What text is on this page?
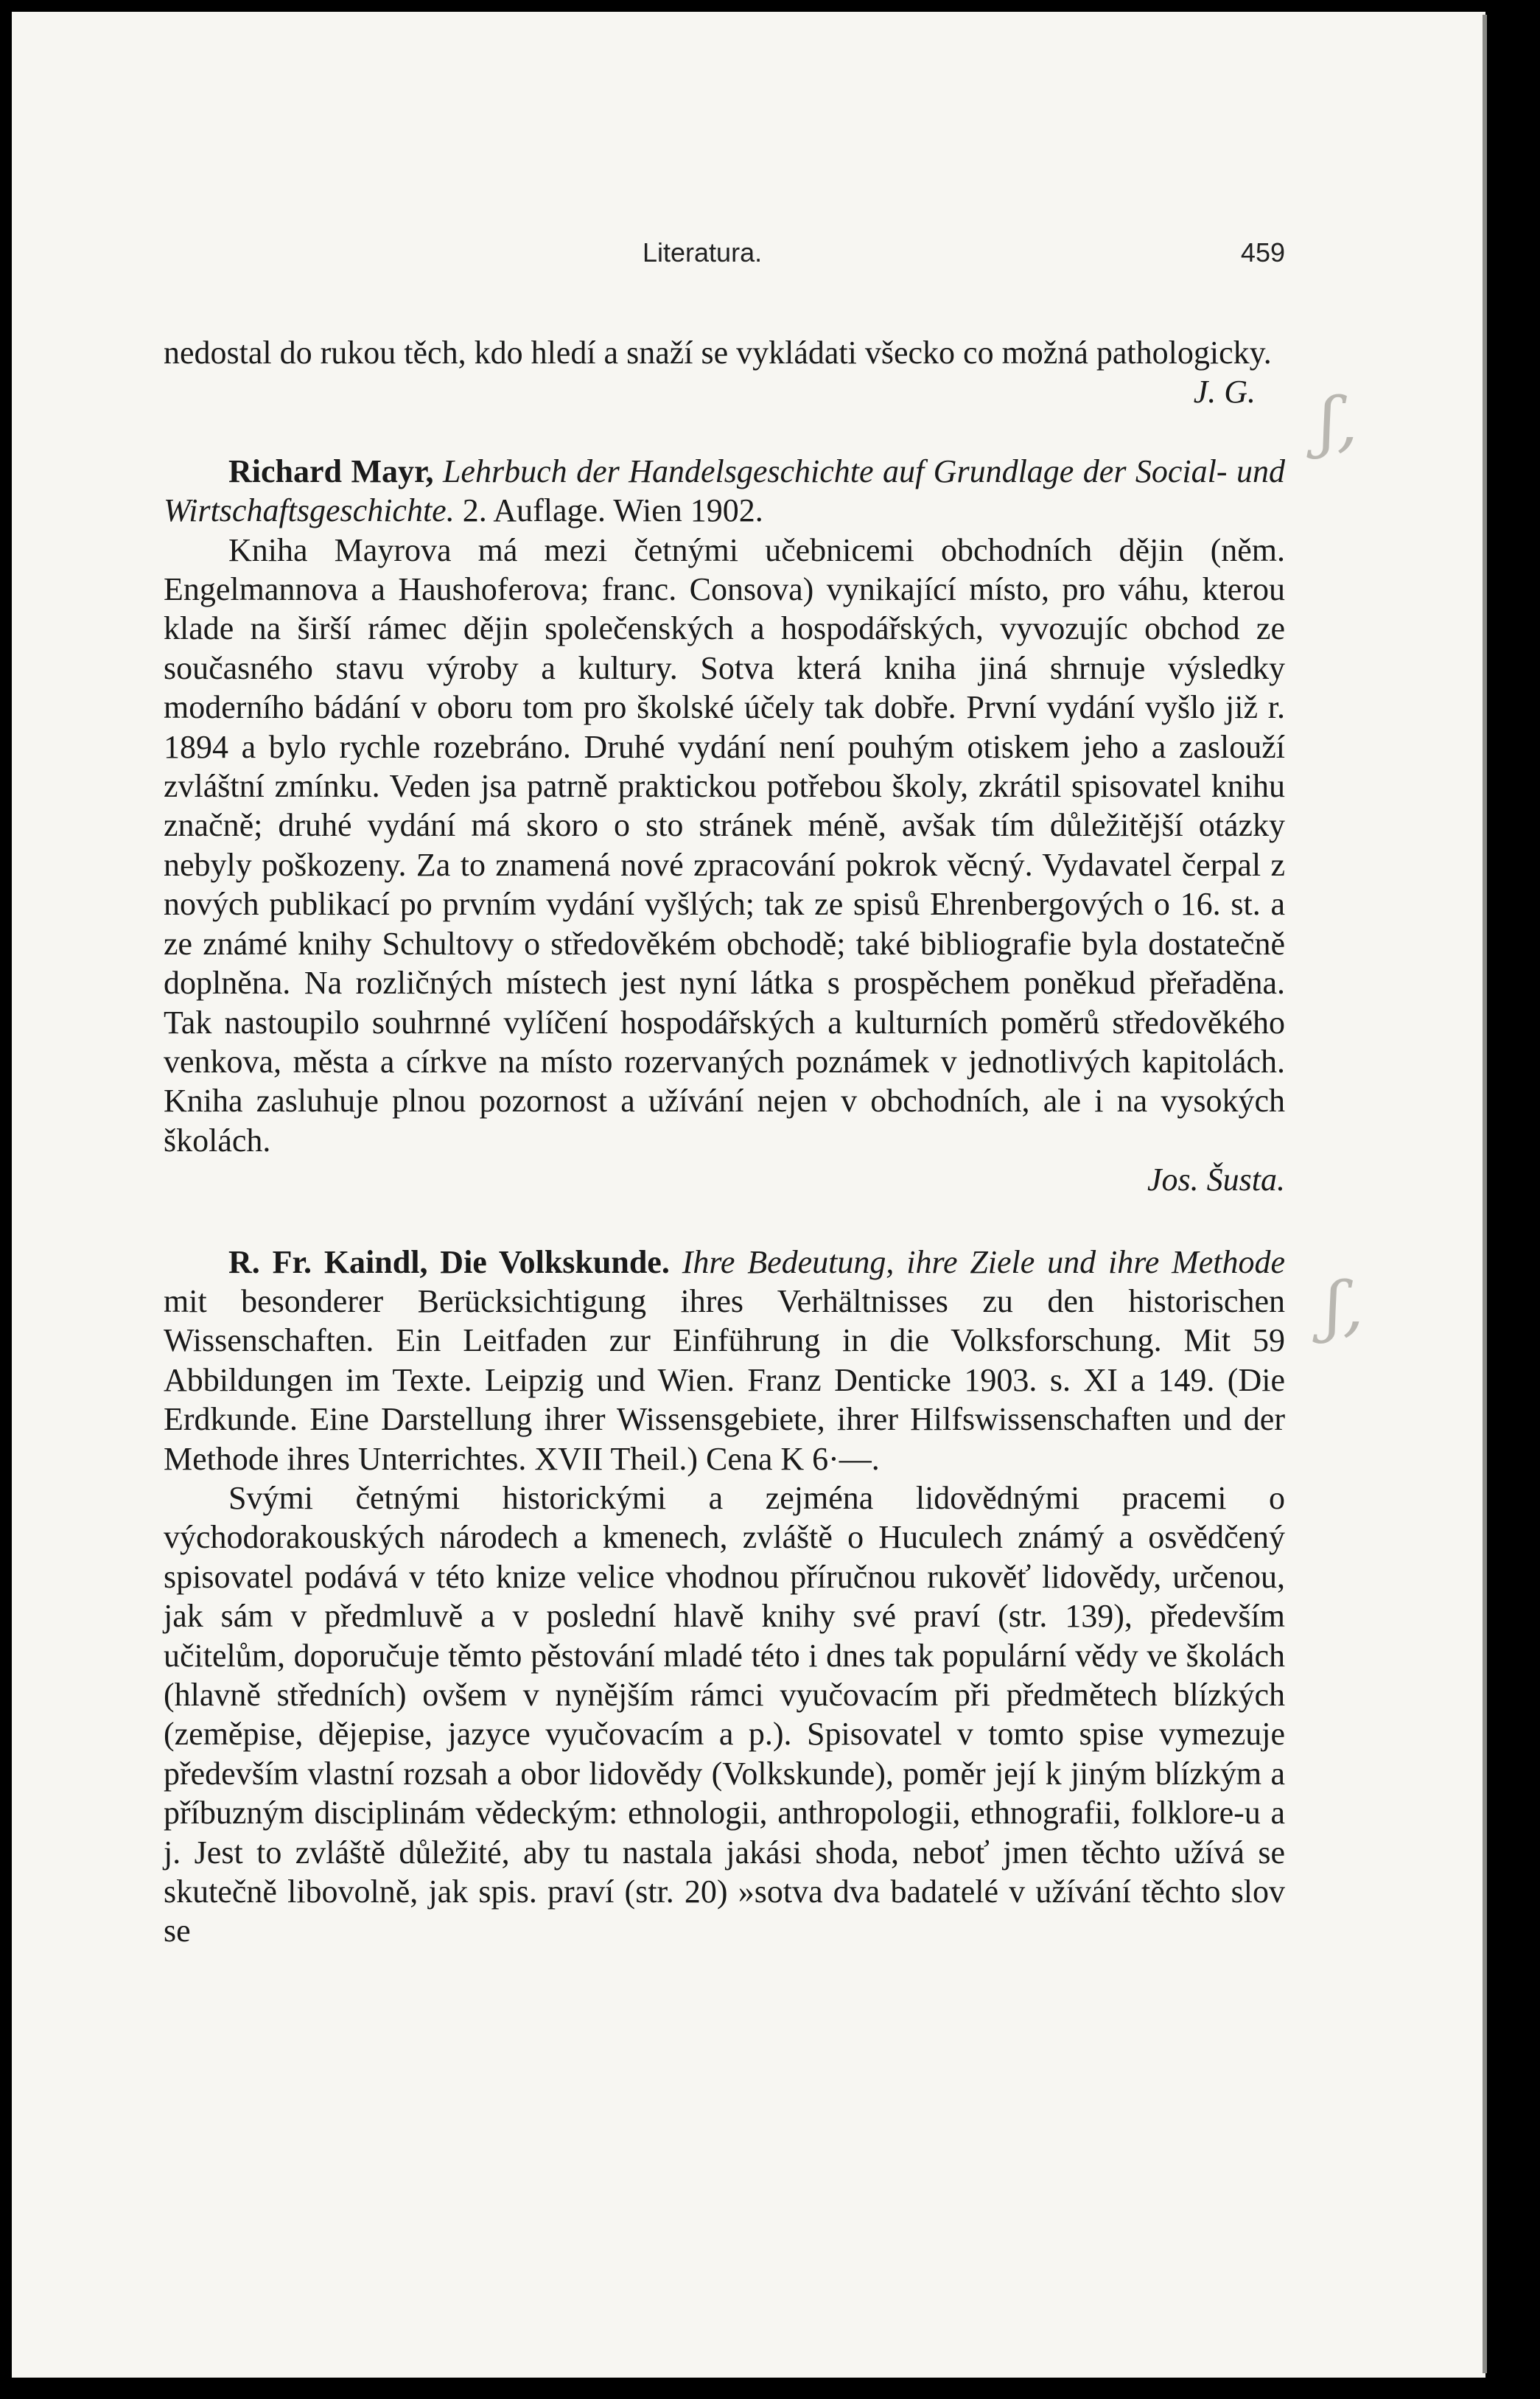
ʃ,
ʃ,
Literatura.	459

nedostal do rukou těch, kdo hledí a snaží se vykládati všecko co možná pathologicky.

J. G.

Richard Mayr, Lehrbuch der Handelsgeschichte auf Grundlage der Social- und Wirtschaftsgeschichte. 2. Auflage. Wien 1902.

Kniha Mayrova má mezi četnými učebnicemi obchodních dějin (něm. Engelmannova a Haushoferova; franc. Consova) vynikající místo, pro váhu, kterou klade na širší rámec dějin společenských a hospodářských, vyvozujíc obchod ze současného stavu výroby a kultury. Sotva která kniha jiná shrnuje výsledky moderního bádání v oboru tom pro školské účely tak dobře. První vydání vyšlo již r. 1894 a bylo rychle rozebráno. Druhé vydání není pouhým otiskem jeho a zaslouží zvláštní zmínku. Veden jsa patrně praktickou potřebou školy, zkrátil spisovatel knihu značně; druhé vydání má skoro o sto stránek méně, avšak tím důležitější otázky nebyly poškozeny. Za to znamená nové zpracování pokrok věcný. Vydavatel čerpal z nových publikací po prvním vydání vyšlých; tak ze spisů Ehrenbergových o 16. st. a ze známé knihy Schultovy o středověkém obchodě; také bibliografie byla dostatečně doplněna. Na rozličných místech jest nyní látka s prospěchem poněkud přeřaděna. Tak nastoupilo souhrnné vylíčení hospodářských a kulturních poměrů středověkého venkova, města a církve na místo rozervaných poznámek v jednotlivých kapitolách. Kniha zasluhuje plnou pozornost a užívání nejen v obchodních, ale i na vysokých školách.

Jos. Šusta.

R. Fr. Kaindl, Die Volkskunde. Ihre Bedeutung, ihre Ziele und ihre Methode mit besonderer Berücksichtigung ihres Verhältnisses zu den historischen Wissenschaften. Ein Leitfaden zur Einführung in die Volksforschung. Mit 59 Abbildungen im Texte. Leipzig und Wien. Franz Denticke 1903. s. XI a 149. (Die Erdkunde. Eine Darstellung ihrer Wissensgebiete, ihrer Hilfswissenschaften und der Methode ihres Unterrichtes. XVII Theil.) Cena K 6·—.

Svými četnými historickými a zejména lidovědnými pracemi o východorakouských národech a kmenech, zvláště o Huculech známý a osvědčený spisovatel podává v této knize velice vhodnou příručnou rukověť lidovědy, určenou, jak sám v předmluvě a v poslední hlavě knihy své praví (str. 139), především učitelům, doporučuje těmto pěstování mladé této i dnes tak populární vědy ve školách (hlavně středních) ovšem v nynějším rámci vyučovacím při předmětech blízkých (zeměpise, dějepise, jazyce vyučovacím a p.). Spisovatel v tomto spise vymezuje především vlastní rozsah a obor lidovědy (Volkskunde), poměr její k jiným blízkým a příbuzným disciplinám vědeckým: ethnologii, anthropologii, ethnografii, folklore-u a j. Jest to zvláště důležité, aby tu nastala jakási shoda, neboť jmen těchto užívá se skutečně libovolně, jak spis. praví (str. 20) »sotva dva badatelé v užívání těchto slov se
